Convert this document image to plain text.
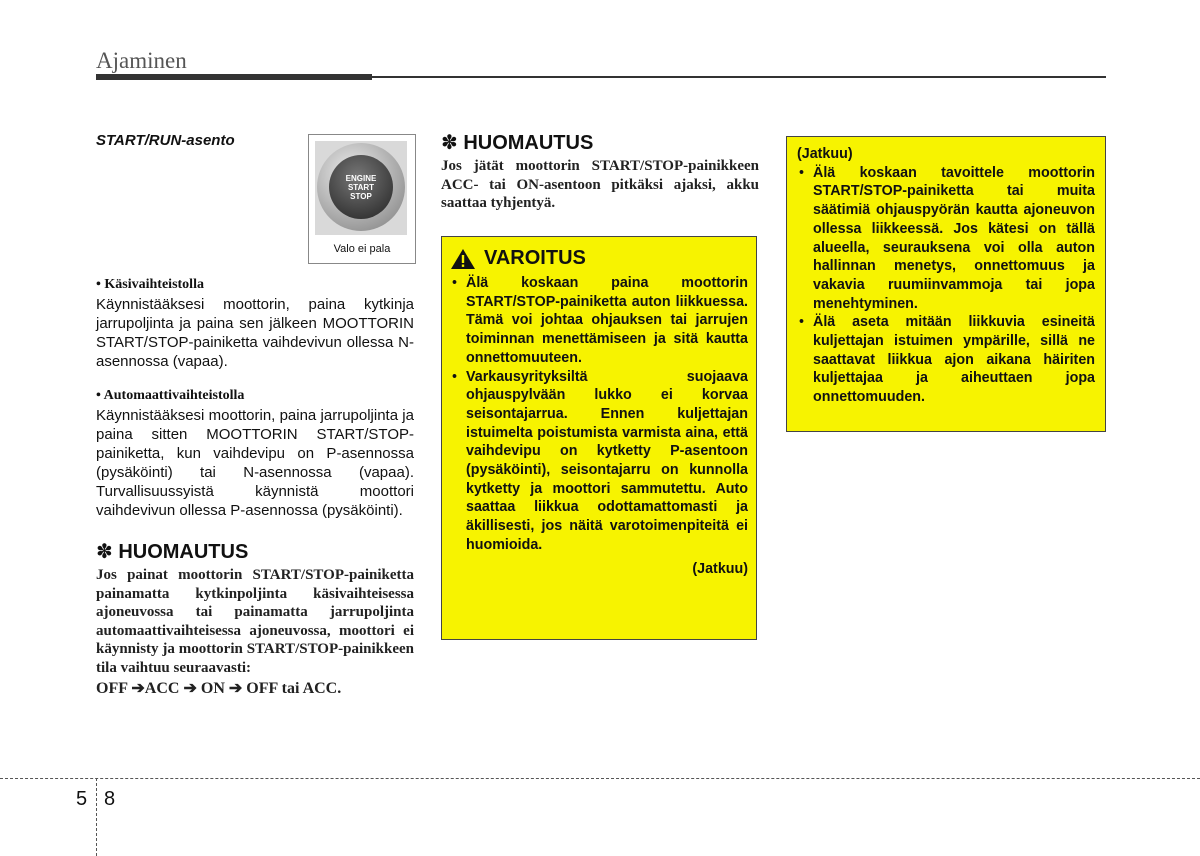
Ajaminen
START/RUN-asento
ENGINE
START
STOP
Valo ei pala
• Käsivaihteistolla
Käynnistääksesi moottorin, paina kytkinja jarrupoljinta ja paina sen jälkeen MOOTTORIN START/STOP-painiketta vaihdevivun ollessa N-asennossa (vapaa).
• Automaattivaihteistolla
Käynnistääksesi moottorin, paina jarrupoljinta ja paina sitten MOOTTORIN START/STOP-painiketta, kun vaihdevipu on P-asennossa (pysäköinti) tai N-asennossa (vapaa). Turvallisuussyistä käynnistä moottori vaihdevivun ollessa P-asennossa (pysäköinti).
✽ HUOMAUTUS
Jos painat moottorin START/STOP-painiketta painamatta kytkinpoljinta käsivaihteisessa ajoneuvossa tai painamatta jarrupoljinta automaattivaihteisessa ajoneuvossa, moottori ei käynnisty ja moottorin START/STOP-painikkeen tila vaihtuu seuraavasti:
OFF ➔ACC ➔ ON ➔ OFF tai ACC.
✽ HUOMAUTUS
Jos jätät moottorin START/STOP-painikkeen ACC- tai ON-asentoon pitkäksi ajaksi, akku saattaa tyhjentyä.
VAROITUS
• Älä koskaan paina moottorin START/STOP-painiketta auton liikkuessa. Tämä voi johtaa ohjauksen tai jarrujen toiminnan menettämiseen ja sitä kautta onnettomuuteen.
• Varkausyrityksiltä suojaava ohjauspylvään lukko ei korvaa seisontajarrua. Ennen kuljettajan istuimelta poistumista varmista aina, että vaihdevipu on kytketty P-asentoon (pysäköinti), seisontajarru on kunnolla kytketty ja moottori sammutettu. Auto saattaa liikkua odottamattomasti ja äkillisesti, jos näitä varotoimenpiteitä ei huomioida.
(Jatkuu)
(Jatkuu)
• Älä koskaan tavoittele moottorin START/STOP-painiketta tai muita säätimiä ohjauspyörän kautta ajoneuvon ollessa liikkeessä. Jos kätesi on tällä alueella, seurauksena voi olla auton hallinnan menetys, onnettomuus ja vakavia ruumiinvammoja tai jopa menehtyminen.
• Älä aseta mitään liikkuvia esineitä kuljettajan istuimen ympärille, sillä ne saattavat liikkua ajon aikana häiriten kuljettajaa ja aiheuttaen jopa onnettomuuden.
5 8
